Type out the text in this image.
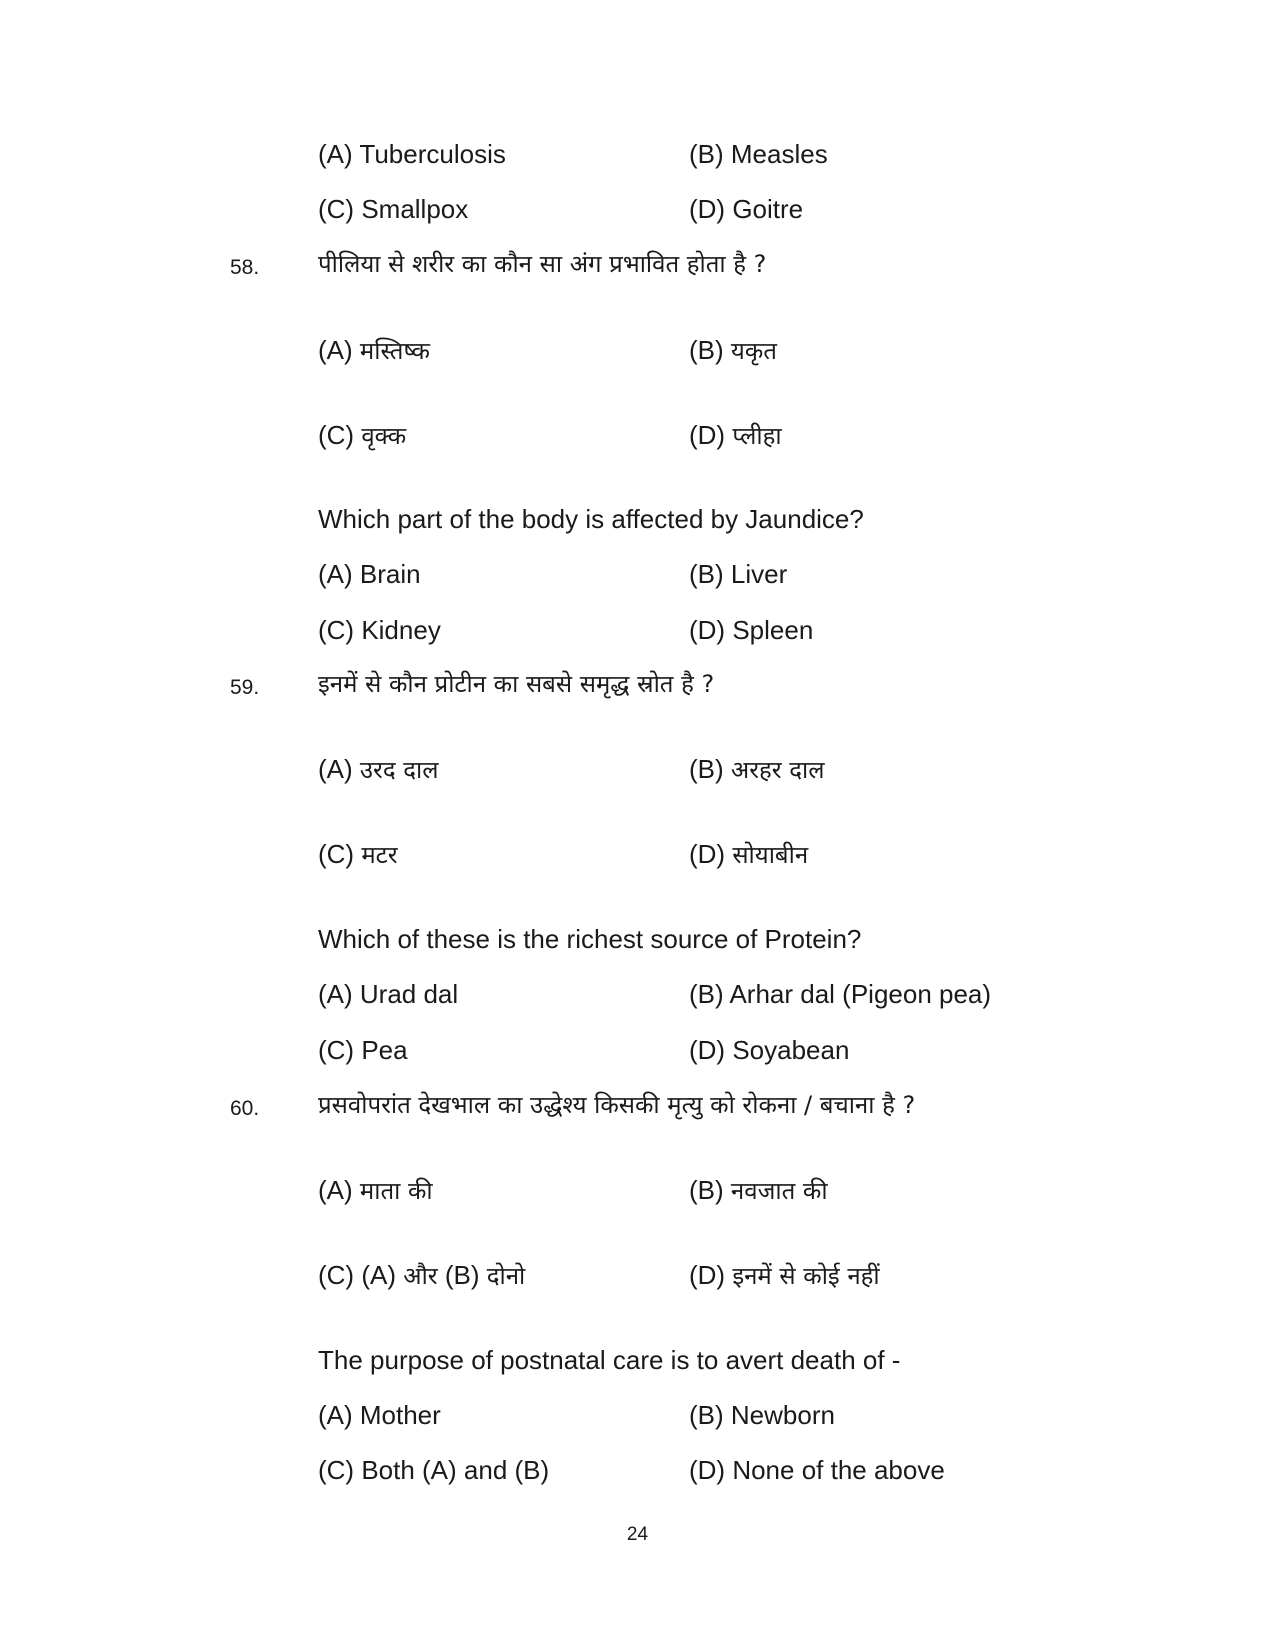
(A) Tuberculosis	(B) Measles
(C) Smallpox	(D) Goitre
58. पीलिया से शरीर का कौन सा अंग प्रभावित होता है ?
(A) मस्तिष्क	(B) यकृत
(C) वृक्क	(D) प्लीहा
Which part of the body is affected by Jaundice?
(A) Brain	(B) Liver
(C) Kidney	(D) Spleen
59. इनमें से कौन प्रोटीन का सबसे समृद्ध स्रोत है ?
(A) उरद दाल	(B) अरहर दाल
(C) मटर	(D) सोयाबीन
Which of these is the richest source of Protein?
(A) Urad dal	(B) Arhar dal (Pigeon pea)
(C) Pea	(D) Soyabean
60. प्रसवोपरांत देखभाल का उद्धेश्य किसकी मृत्यु को रोकना / बचाना है ?
(A) माता की	(B) नवजात की
(C) (A) और (B) दोनो	(D) इनमें से कोई नहीं
The purpose of postnatal care is to avert death of -
(A) Mother	(B) Newborn
(C) Both (A) and (B)	(D) None of the above
24
